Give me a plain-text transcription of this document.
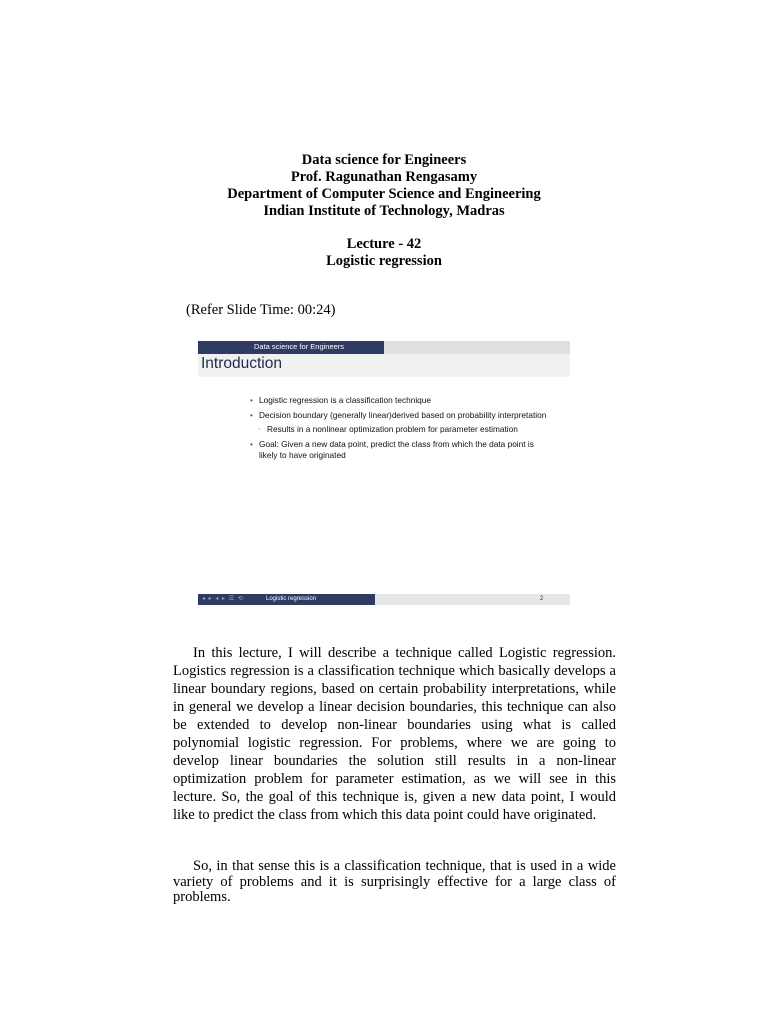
Data science for Engineers
Prof. Ragunathan Rengasamy
Department of Computer Science and Engineering
Indian Institute of Technology, Madras
Lecture - 42
Logistic regression
(Refer Slide Time: 00:24)
Data science for Engineers
Introduction
• Logistic regression is a classification technique
• Decision boundary (generally linear)derived based on probability interpretation
◦ Results in a nonlinear optimization problem for parameter estimation
• Goal: Given a new data point, predict the class from which the data point is likely to have originated
◂ ▸ ◂ ▸ ☰ ⟲	Logistic regression	2
In this lecture, I will describe a technique called Logistic regression. Logistics regression is a classification technique which basically develops a linear boundary regions, based on certain probability interpretations, while in general we develop a linear decision boundaries, this technique can also be extended to develop non-linear boundaries using what is called polynomial logistic regression. For problems, where we are going to develop linear boundaries the solution still results in a non-linear optimization problem for parameter estimation, as we will see in this lecture. So, the goal of this technique is, given a new data point, I would like to predict the class from which this data point could have originated.
So, in that sense this is a classification technique, that is used in a wide variety of problems and it is surprisingly effective for a large class of problems.
